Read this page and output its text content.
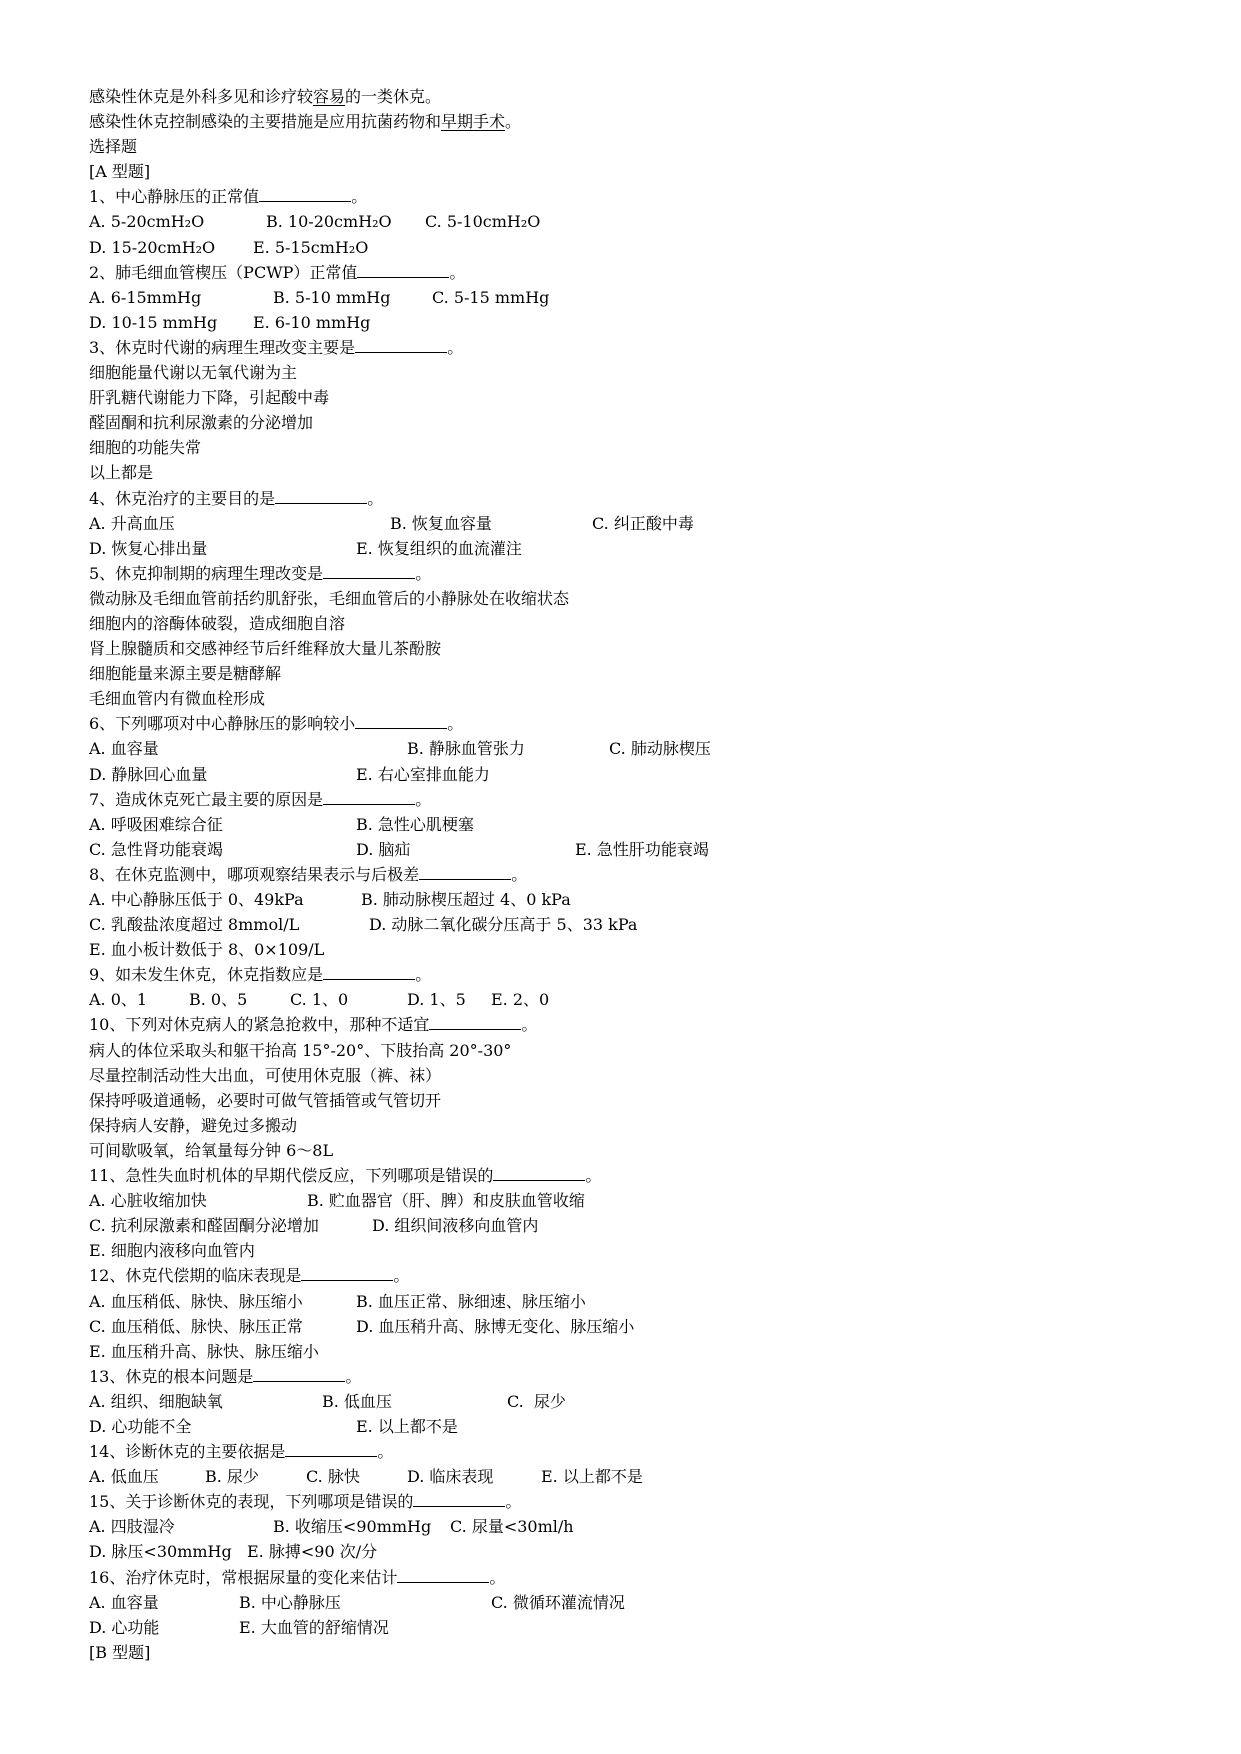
感染性休克是外科多见和诊疗较容易的一类休克。
感染性休克控制感染的主要措施是应用抗菌药物和早期手术。
选择题
[A 型题]
1、中心静脉压的正常值	。
A. 5-20cmH₂O	B. 10-20cmH₂O C. 5-10cmH₂O
D. 15-20cmH₂O E. 5-15cmH₂O
2、肺毛细血管楔压（PCWP）正常值	。
A. 6-15mmHg	B. 5-10 mmHg	C. 5-15 mmHg
D. 10-15 mmHg E. 6-10 mmHg
3、休克时代谢的病理生理改变主要是	。
细胞能量代谢以无氧代谢为主
肝乳糖代谢能力下降，引起酸中毒
醛固酮和抗利尿激素的分泌增加
细胞的功能失常
以上都是
4、休克治疗的主要目的是	。
A. 升高血压	B. 恢复血容量	C. 纠正酸中毒
D. 恢复心排出量	E. 恢复组织的血流灌注
5、休克抑制期的病理生理改变是	。
微动脉及毛细血管前括约肌舒张，毛细血管后的小静脉处在收缩状态
细胞内的溶酶体破裂，造成细胞自溶
肾上腺髓质和交感神经节后纤维释放大量儿茶酚胺
细胞能量来源主要是糖酵解
毛细血管内有微血栓形成
6、下列哪项对中心静脉压的影响较小	。
A. 血容量	B. 静脉血管张力	C. 肺动脉楔压
D. 静脉回心血量	E. 右心室排血能力
7、造成休克死亡最主要的原因是	。
A. 呼吸困难综合征	B. 急性心肌梗塞
C. 急性肾功能衰竭	D. 脑疝	E. 急性肝功能衰竭
8、在休克监测中，哪项观察结果表示与后极差	。
A. 中心静脉压低于 0、49kPa	B. 肺动脉楔压超过 4、0 kPa
C. 乳酸盐浓度超过 8mmol/L	D. 动脉二氧化碳分压高于 5、33 kPa
E. 血小板计数低于 8、0×109/L
9、如未发生休克，休克指数应是	。
A. 0、1	B. 0、5	C. 1、0	D. 1、5 E. 2、0
10、下列对休克病人的紧急抢救中，那种不适宜	。
病人的体位采取头和躯干抬高 15°-20°、下肢抬高 20°-30°
尽量控制活动性大出血，可使用休克服（裤、袜）
保持呼吸道通畅，必要时可做气管插管或气管切开
保持病人安静，避免过多搬动
可间歇吸氧，给氧量每分钟 6～8L
11、急性失血时机体的早期代偿反应，下列哪项是错误的	。
A. 心脏收缩加快	B. 贮血器官（肝、脾）和皮肤血管收缩
C. 抗利尿激素和醛固酮分泌增加	D. 组织间液移向血管内
E. 细胞内液移向血管内
12、休克代偿期的临床表现是	。
A. 血压稍低、脉快、脉压缩小	B. 血压正常、脉细速、脉压缩小
C. 血压稍低、脉快、脉压正常	D. 血压稍升高、脉博无变化、脉压缩小
E. 血压稍升高、脉快、脉压缩小
13、休克的根本问题是	。
A. 组织、细胞缺氧	B. 低血压	C.  尿少
D. 心功能不全	E. 以上都不是
14、诊断休克的主要依据是	。
A. 低血压	B. 尿少	C. 脉快	D. 临床表现	E. 以上都不是
15、关于诊断休克的表现，下列哪项是错误的	。
A. 四肢湿冷	B. 收缩压<90mmHg C. 尿量<30ml/h
D. 脉压<30mmHg E. 脉搏<90 次/分
16、治疗休克时，常根据尿量的变化来估计	。
A. 血容量	B. 中心静脉压	C. 微循环灌流情况
D. 心功能	E. 大血管的舒缩情况
[B 型题]
